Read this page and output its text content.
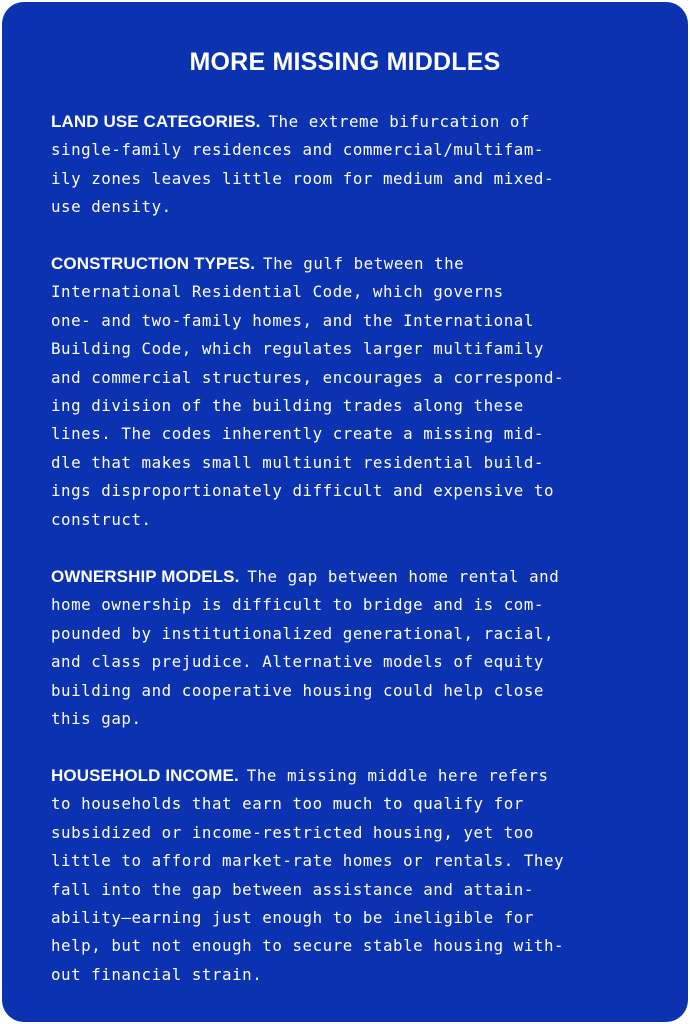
MORE MISSING MIDDLES

LAND USE CATEGORIES. The extreme bifurcation of
single-family residences and commercial/multifam-
ily zones leaves little room for medium and mixed-
use density.

CONSTRUCTION TYPES. The gulf between the
International Residential Code, which governs
one- and two-family homes, and the International
Building Code, which regulates larger multifamily
and commercial structures, encourages a correspond-
ing division of the building trades along these
lines. The codes inherently create a missing mid-
dle that makes small multiunit residential build-
ings disproportionately difficult and expensive to
construct.

OWNERSHIP MODELS. The gap between home rental and
home ownership is difficult to bridge and is com-
pounded by institutionalized generational, racial,
and class prejudice. Alternative models of equity
building and cooperative housing could help close
this gap.

HOUSEHOLD INCOME. The missing middle here refers
to households that earn too much to qualify for
subsidized or income-restricted housing, yet too
little to afford market-rate homes or rentals. They
fall into the gap between assistance and attain-
ability—earning just enough to be ineligible for
help, but not enough to secure stable housing with-
out financial strain.
